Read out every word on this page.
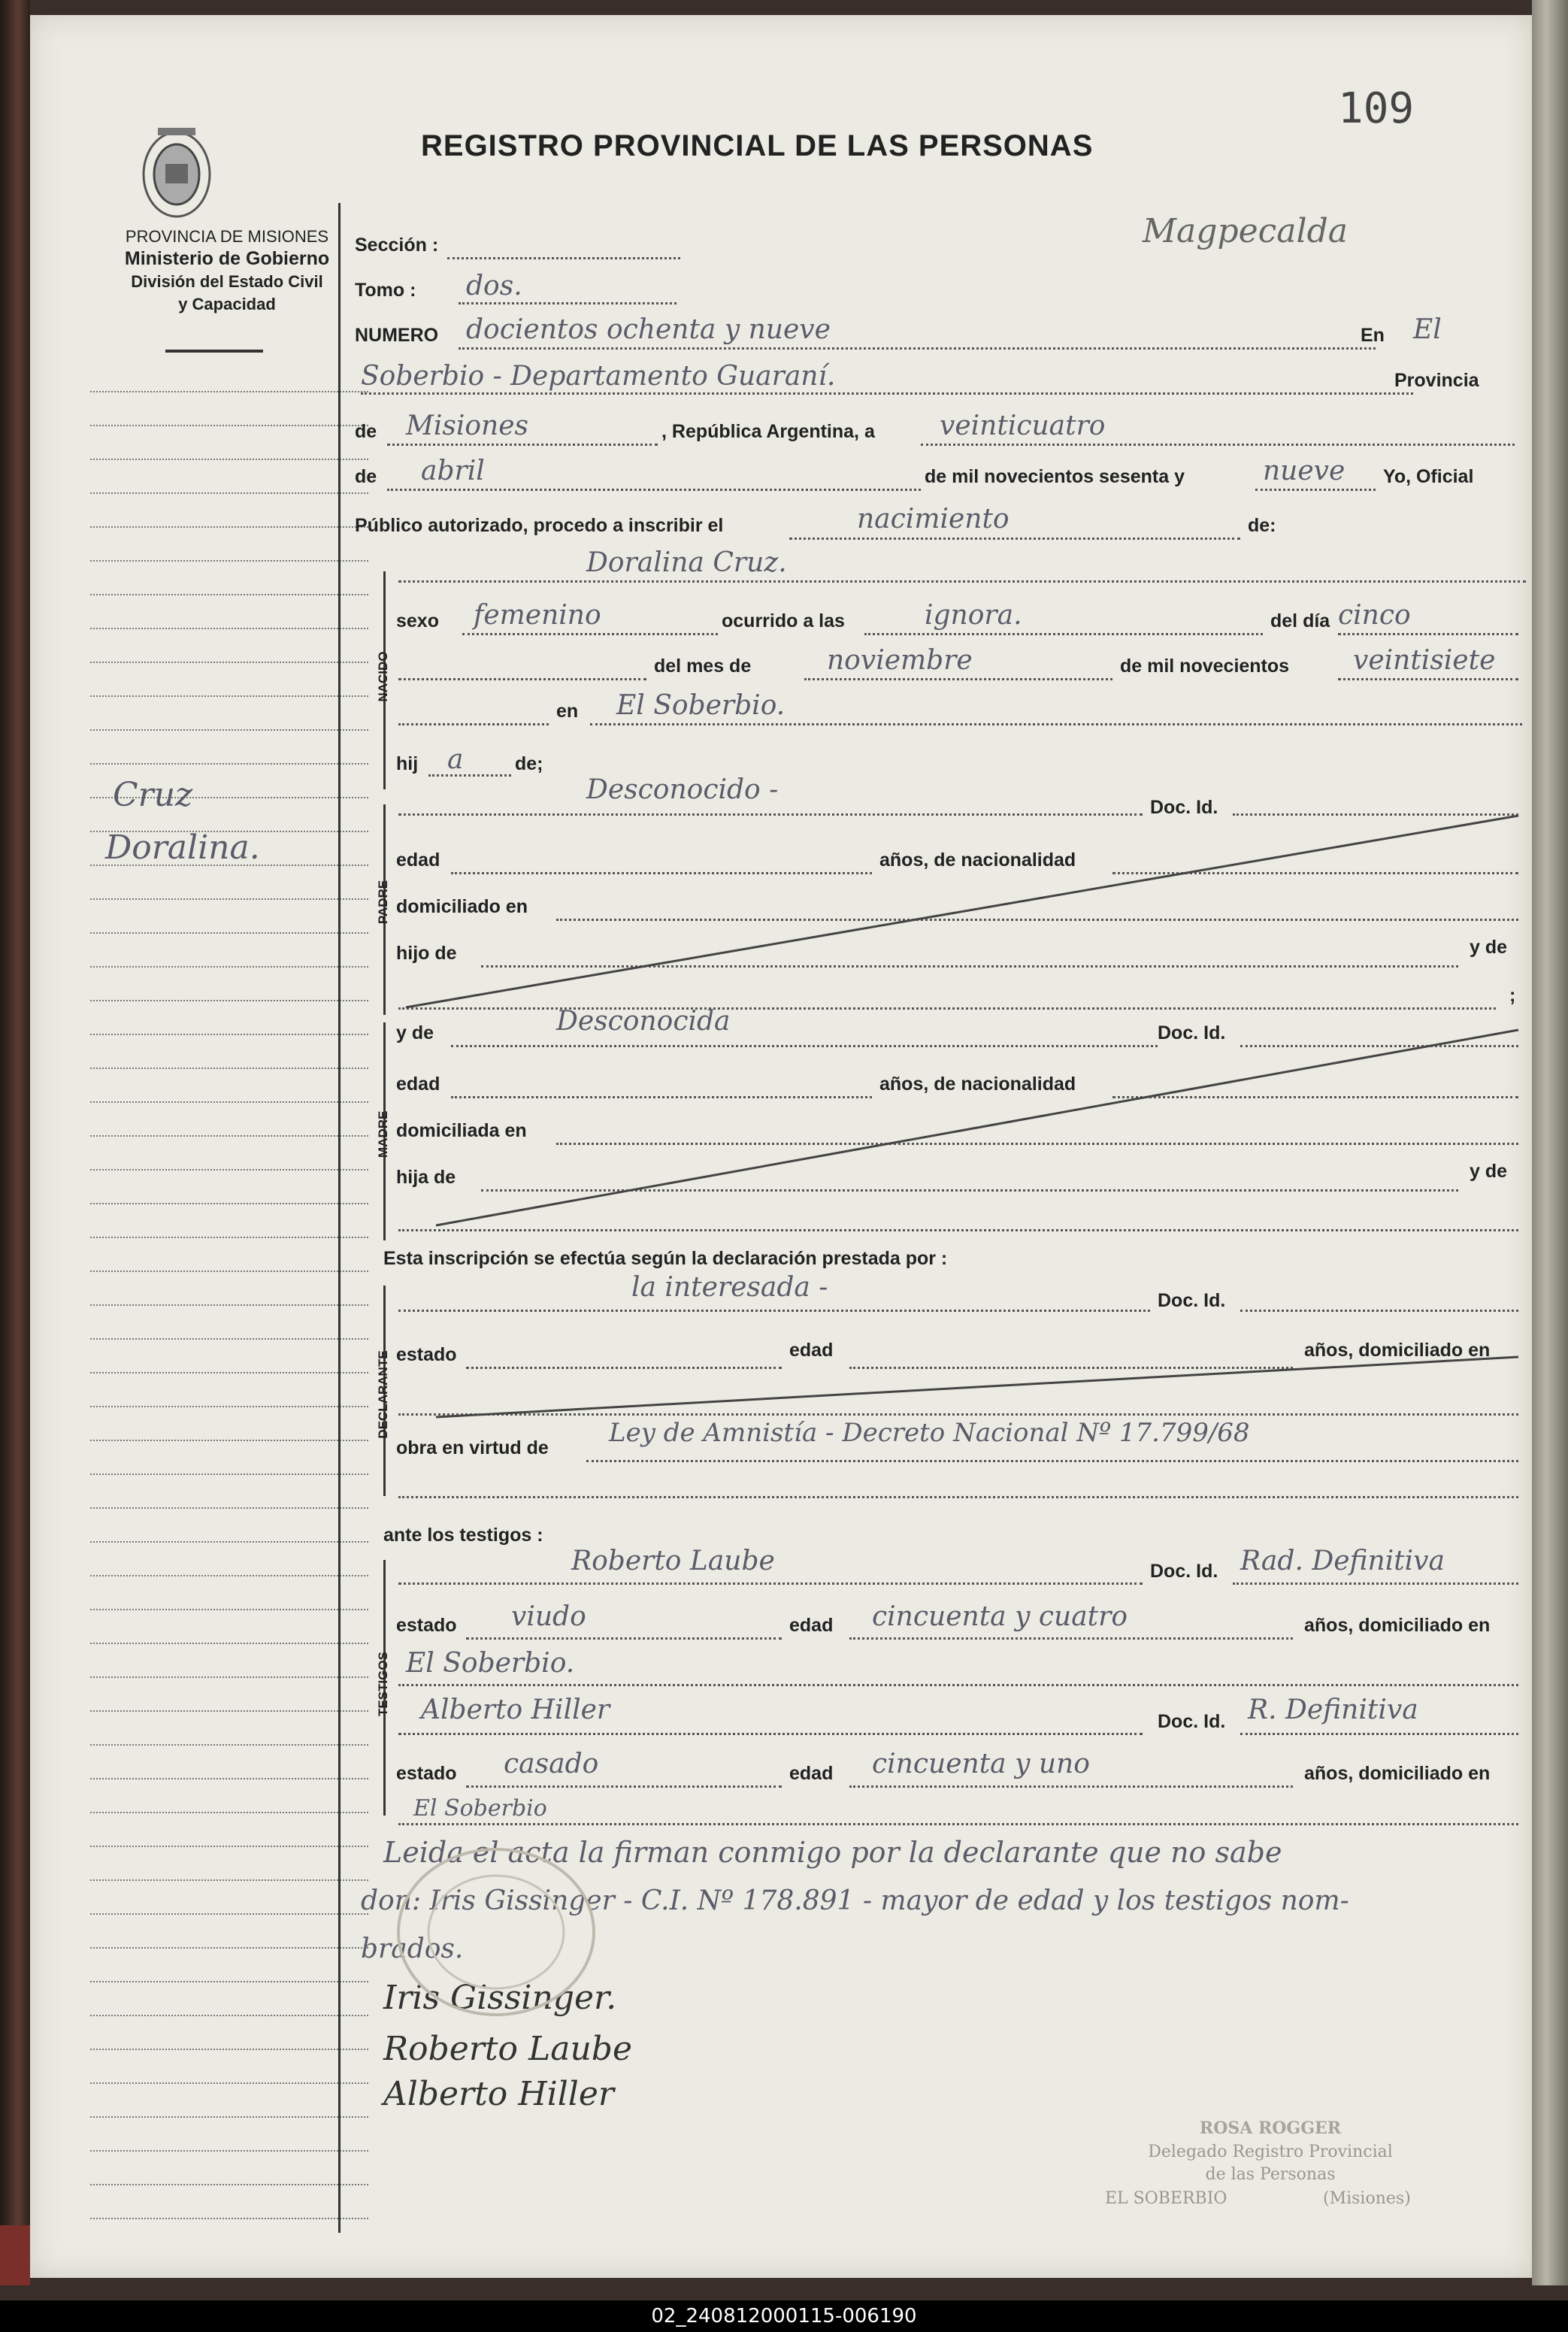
REGISTRO PROVINCIAL DE LAS PERSONAS
109
Magpecalda
PROVINCIA DE MISIONES
Ministerio de Gobierno
División del Estado Civil
y Capacidad
Cruz
Doralina.
Sección :
Tomo : dos.
NUMERO docientos ochenta y nueve	En El
Soberbio - Departamento Guaraní.	Provincia
de Misiones	, República Argentina, a veinticuatro
de abril	de mil novecientos sesenta y	nueve Yo, Oficial
Público autorizado, procedo a inscribir el	nacimiento	de:
NACIDO
Doralina Cruz.
sexo femenino	ocurrido a las	ignora.	del día cinco
del mes de	noviembre	de mil novecientos veintisiete
en El Soberbio.
hij a	de;
PADRE
Desconocido -
Doc. Id.
edad	años, de nacionalidad
domiciliado en
hijo de	y de
;
MADRE
y de	Desconocida	Doc. Id.
edad	años, de nacionalidad
domiciliada en
hija de	y de
Esta inscripción se efectúa según la declaración prestada por :
DECLARANTE
la interesada -	Doc. Id.
estado	edad	años, domiciliado en
obra en virtud de Ley de Amnistía - Decreto Nacional Nº 17.799/68
ante los testigos :
TESTIGOS
Roberto Laube	Doc. Id. Rad. Definitiva
estado viudo	edad cincuenta y cuatro	años, domiciliado en
El Soberbio.
Alberto Hiller	Doc. Id. R. Definitiva
estado casado	edad cincuenta y uno	años, domiciliado en
El Soberbio
Leida el acta la firman conmigo por la declarante que no sabe
don: Iris Gissinger - C.I. Nº 178.891 - mayor de edad y los testigos nom-
brados.
Iris Gissinger.
Roberto Laube
Alberto Hiller
ROSA ROGGER
Delegado Registro Provincial
de las Personas
EL SOBERBIO	(Misiones)
02_240812000115-006190
